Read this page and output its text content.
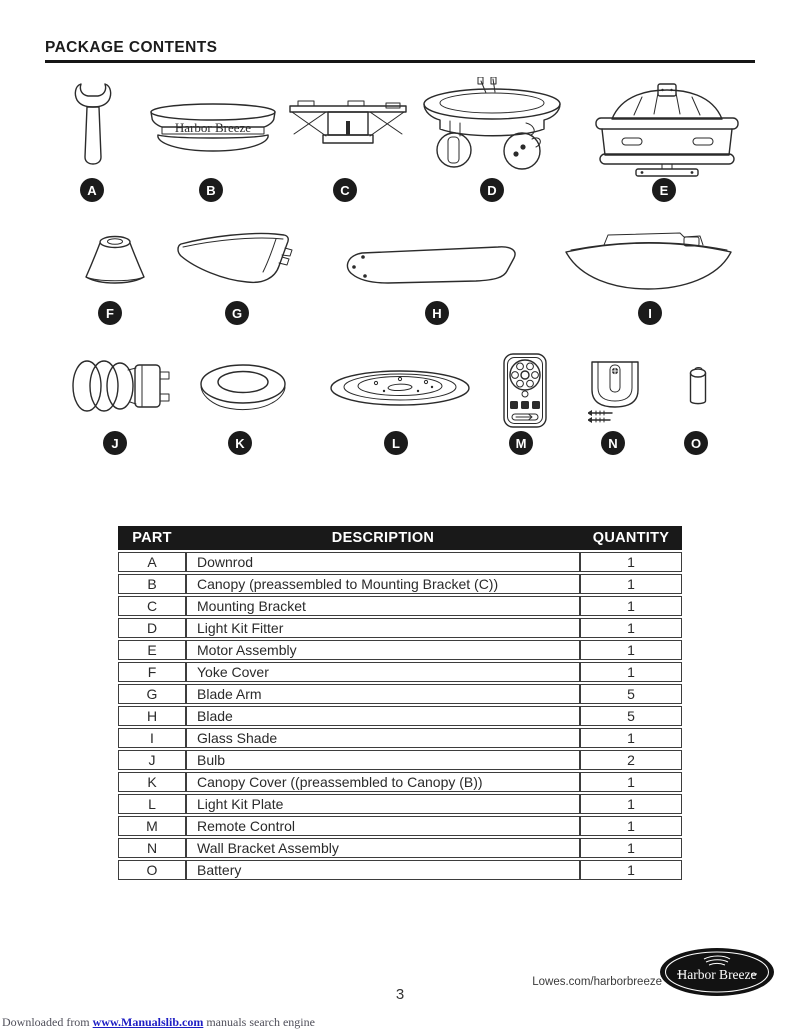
PACKAGE CONTENTS
Harbor Breeze
A	B	C	D	E
F	G	H	I
J	K	L	M	N	O
PART	DESCRIPTION	QUANTITY
A	Downrod	1
B	Canopy (preassembled to Mounting Bracket (C))	1
C	Mounting Bracket	1
D	Light Kit Fitter	1
E	Motor Assembly	1
F	Yoke Cover	1
G	Blade Arm	5
H	Blade	5
I	Glass Shade	1
J	Bulb	2
K	Canopy Cover ((preassembled to Canopy (B))	1
L	Light Kit Plate	1
M	Remote Control	1
N	Wall Bracket Assembly	1
O	Battery	1
Lowes.com/harborbreeze Harbor Breeze
3
Downloaded from www.Manualslib.com manuals search engine
